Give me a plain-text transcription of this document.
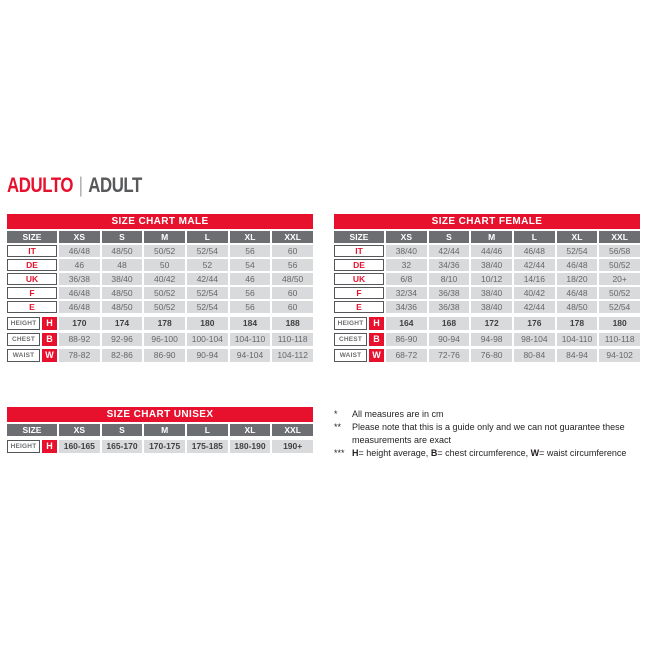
ADULTO | ADULT
SIZE CHART MALE
SIZE	XS	S	M	L	XL	XXL
IT	46/48	48/50	50/52	52/54	56	60
DE	46	48	50	52	54	56
UK	36/38	38/40	40/42	42/44	46	48/50
F	46/48	48/50	50/52	52/54	56	60
E	46/48	48/50	50/52	52/54	56	60
HEIGHT	H	170	174	178	180	184	188
CHEST	B	88-92	92-96	96-100	100-104	104-110	110-118
WAIST	W	78-82	82-86	86-90	90-94	94-104	104-112
SIZE CHART FEMALE
SIZE	XS	S	M	L	XL	XXL
IT	38/40	42/44	44/46	46/48	52/54	56/58
DE	32	34/36	38/40	42/44	46/48	50/52
UK	6/8	8/10	10/12	14/16	18/20	20+
F	32/34	36/38	38/40	40/42	46/48	50/52
E	34/36	36/38	38/40	42/44	48/50	52/54
HEIGHT	H	164	168	172	176	178	180
CHEST	B	86-90	90-94	94-98	98-104	104-110	110-118
WAIST	W	68-72	72-76	76-80	80-84	84-94	94-102
SIZE CHART UNISEX
SIZE	XS	S	M	L	XL	XXL
HEIGHT	H	160-165	165-170	170-175	175-185	180-190	190+
*	All measures are in cm
**	Please note that this is a guide only and we can not guarantee these measurements are exact
*** H= height average, B= chest circumference, W= waist circumference
